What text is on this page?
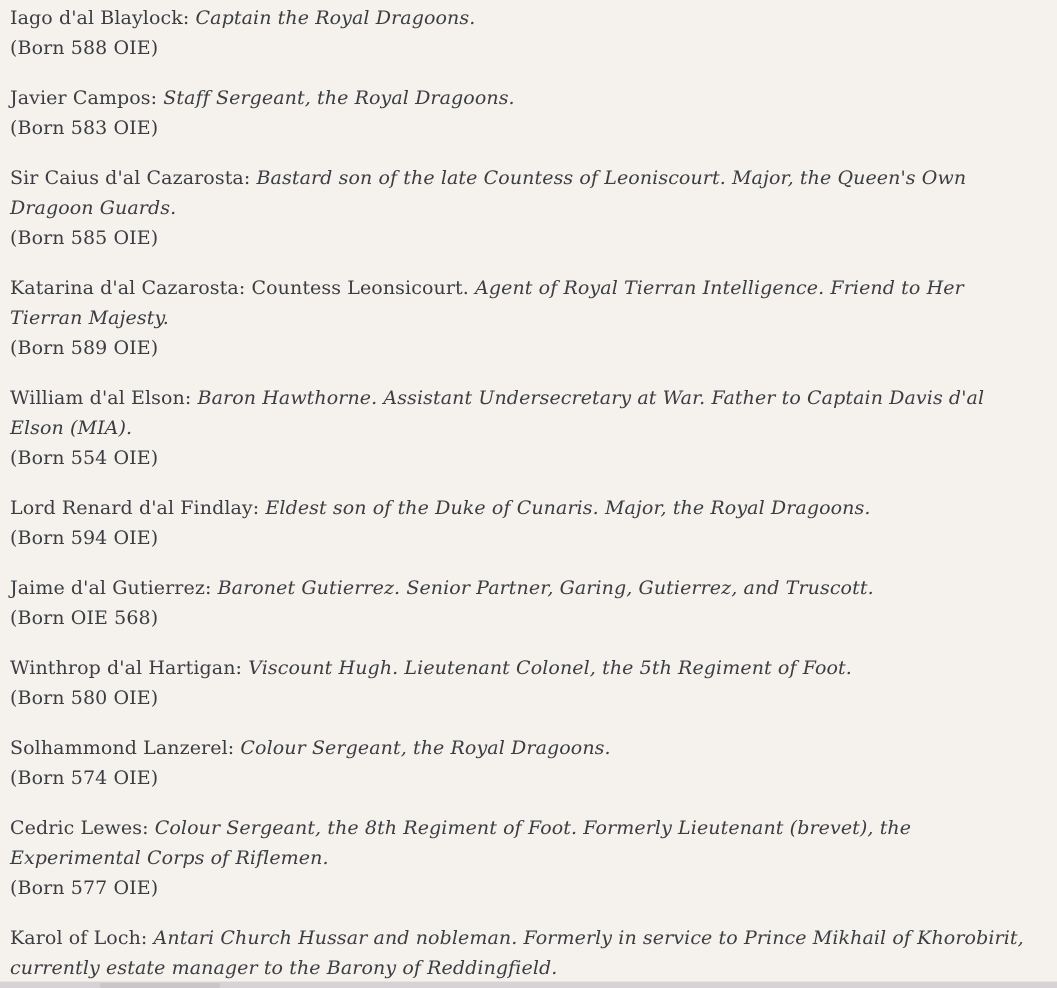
Iago d'al Blaylock: Captain the Royal Dragoons.
(Born 588 OIE)

Javier Campos: Staff Sergeant, the Royal Dragoons.
(Born 583 OIE)

Sir Caius d'al Cazarosta: Bastard son of the late Countess of Leoniscourt. Major, the Queen's Own Dragoon Guards.
(Born 585 OIE)

Katarina d'al Cazarosta: Countess Leonsicourt. Agent of Royal Tierran Intelligence. Friend to Her Tierran Majesty.
(Born 589 OIE)

William d'al Elson: Baron Hawthorne. Assistant Undersecretary at War. Father to Captain Davis d'al Elson (MIA).
(Born 554 OIE)

Lord Renard d'al Findlay: Eldest son of the Duke of Cunaris. Major, the Royal Dragoons.
(Born 594 OIE)

Jaime d'al Gutierrez: Baronet Gutierrez. Senior Partner, Garing, Gutierrez, and Truscott.
(Born OIE 568)

Winthrop d'al Hartigan: Viscount Hugh. Lieutenant Colonel, the 5th Regiment of Foot.
(Born 580 OIE)

Solhammond Lanzerel: Colour Sergeant, the Royal Dragoons.
(Born 574 OIE)

Cedric Lewes: Colour Sergeant, the 8th Regiment of Foot. Formerly Lieutenant (brevet), the Experimental Corps of Riflemen.
(Born 577 OIE)

Karol of Loch: Antari Church Hussar and nobleman. Formerly in service to Prince Mikhail of Khorobirit, currently estate manager to the Barony of Reddingfield.
